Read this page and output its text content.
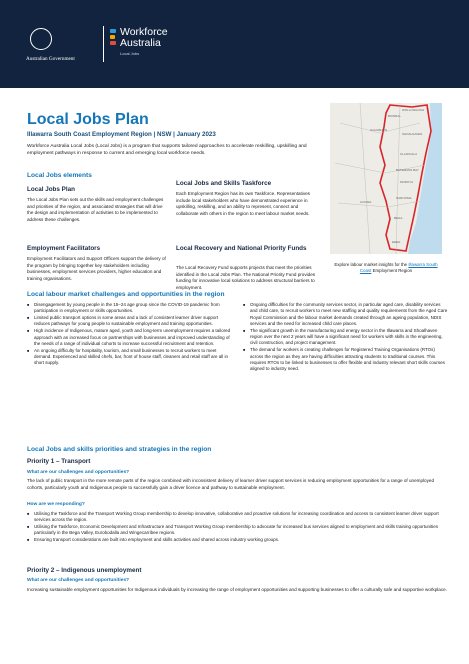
Australian Government
Workforce
Australia
Local Jobs
Local Jobs Plan
Illawarra South Coast Employment Region | NSW | January 2023
Workforce Australia Local Jobs (Local Jobs) is a program that supports tailored approaches to accelerate reskilling, upskilling and employment pathways in response to current and emerging local workforce needs.
Local Jobs elements
Local Jobs Plan
The Local Jobs Plan sets out the skills and employment challenges and priorities of the region, and associated strategies that will drive the design and implementation of activities to be implemented to address these challenges.
Employment Facilitators
Employment Facilitators and Support Officers support the delivery of the program by bringing together key stakeholders including businesses, employment services providers, higher education and training organisations.
Local Jobs and Skills Taskforce
Each Employment Region has its own Taskforce. Representatives include local stakeholders who have demonstrated experience in upskilling, reskilling, and an ability to represent, connect and collaborate with others in the region to meet labour market needs.
Local Recovery and National Priority Funds
The Local Recovery Fund supports projects that meet the priorities identified in the Local Jobs Plan. The National Priority Fund provides funding for innovative local solutions to address structural barriers to employment.
BOWRAL
WOLLONGONG
GOULBURN
SHOALHAVEN
ULLADULLA
BATEMANS BAY
MORUYA
NAROOMA
BEGA
EDEN
COOMA
Explore labour market insights for the Illawarra South Coast Employment Region
Local labour market challenges and opportunities in the region
■ Disengagement by young people in the 15–24 age group since the COVID-19 pandemic from participation in employment or skills opportunities.
■ Limited public transport options in some areas and a lack of consistent learner driver support reduces pathways for young people to sustainable employment and training opportunities.
■ High incidence of Indigenous, mature aged, youth and long-term unemployment requires a tailored approach with an increased focus on partnerships with businesses and improved understanding of the needs of a range of individual cohorts to increase successful recruitment and retention.
■ An ongoing difficulty for hospitality, tourism, and small businesses to recruit workers to meet demand. Experienced and skilled chefs, bar, front of house staff, cleaners and retail staff are all in short supply.
■ Ongoing difficulties for the community services sector, in particular aged care, disability services and child care, to recruit workers to meet new staffing and quality requirements from the Aged Care Royal Commission and the labour market demands created through an ageing population, NDIS services and the need for increased child care places.
■ The significant growth in the manufacturing and energy sector in the Illawarra and Shoalhaven region over the next 2 years will have a significant need for workers with skills in the engineering, civil construction, and project management.
■ The demand for workers is creating challenges for Registered Training Organisations (RTOs) across the region as they are having difficulties attracting students to traditional courses. This requires RTOs to be linked to businesses to offer flexible and industry relevant short skills courses aligned to industry need.
Local Jobs and skills priorities and strategies in the region
Priority 1 – Transport
What are our challenges and opportunities?
The lack of public transport in the more remote parts of the region combined with inconsistent delivery of learner driver support services is reducing employment opportunities for a range of unemployed cohorts, particularly youth and Indigenous people to successfully gain a driver licence and pathway to sustainable employment.
How are we responding?
■ Utilising the Taskforce and the Transport Working Group membership to develop innovative, collaborative and proactive solutions for increasing coordination and access to consistent learner driver support services across the region.
■ Utilising the Taskforce, Economic Development and Infrastructure and Transport Working Group membership to advocate for increased bus services aligned to employment and skills training opportunities particularly in the Bega Valley, Eurobodalla and Wingecarribee regions.
■ Ensuring transport considerations are built into employment and skills activities and shared across industry working groups.
Priority 2 – Indigenous unemployment
What are our challenges and opportunities?
Increasing sustainable employment opportunities for Indigenous individuals by increasing the range of employment opportunities and supporting businesses to offer a culturally safe and supportive workplace.
